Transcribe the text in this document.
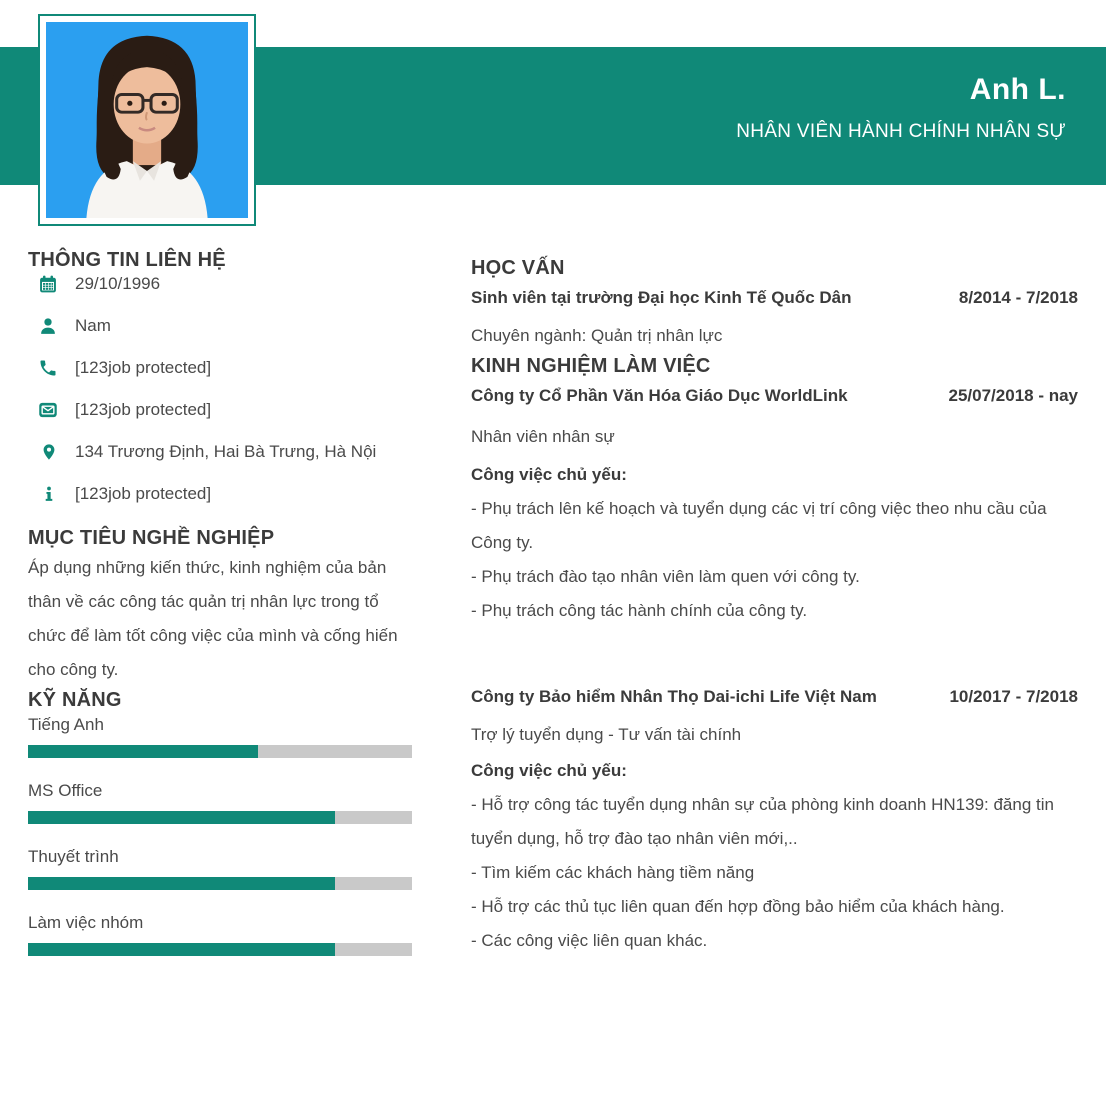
Anh L.
NHÂN VIÊN HÀNH CHÍNH NHÂN SỰ
THÔNG TIN LIÊN HỆ
29/10/1996
Nam
[123job protected]
[123job protected]
134 Trương Định, Hai Bà Trưng, Hà Nội
[123job protected]
MỤC TIÊU NGHỀ NGHIỆP

Áp dụng những kiến thức, kinh nghiệm của bản thân về các công tác quản trị nhân lực trong tổ chức để làm tốt công việc của mình và cống hiến cho công ty.

KỸ NĂNG
Tiếng Anh
MS Office
Thuyết trình
Làm việc nhóm
HỌC VẤN
Sinh viên tại trường Đại học Kinh Tế Quốc Dân	8/2014 - 7/2018
Chuyên ngành: Quản trị nhân lực
KINH NGHIỆM LÀM VIỆC
Công ty Cổ Phần Văn Hóa Giáo Dục WorldLink	25/07/2018 - nay
Nhân viên nhân sự
Công việc chủ yếu:
- Phụ trách lên kế hoạch và tuyển dụng các vị trí công việc theo nhu cầu của Công ty.
- Phụ trách đào tạo nhân viên làm quen với công ty.
- Phụ trách công tác hành chính của công ty.
Công ty Bảo hiểm Nhân Thọ Dai-ichi Life Việt Nam	10/2017 - 7/2018
Trợ lý tuyển dụng - Tư vấn tài chính
Công việc chủ yếu:
- Hỗ trợ công tác tuyển dụng nhân sự của phòng kinh doanh HN139: đăng tin tuyển dụng, hỗ trợ đào tạo nhân viên mới,..
- Tìm kiếm các khách hàng tiềm năng
- Hỗ trợ các thủ tục liên quan đến hợp đồng bảo hiểm của khách hàng.
- Các công việc liên quan khác.
